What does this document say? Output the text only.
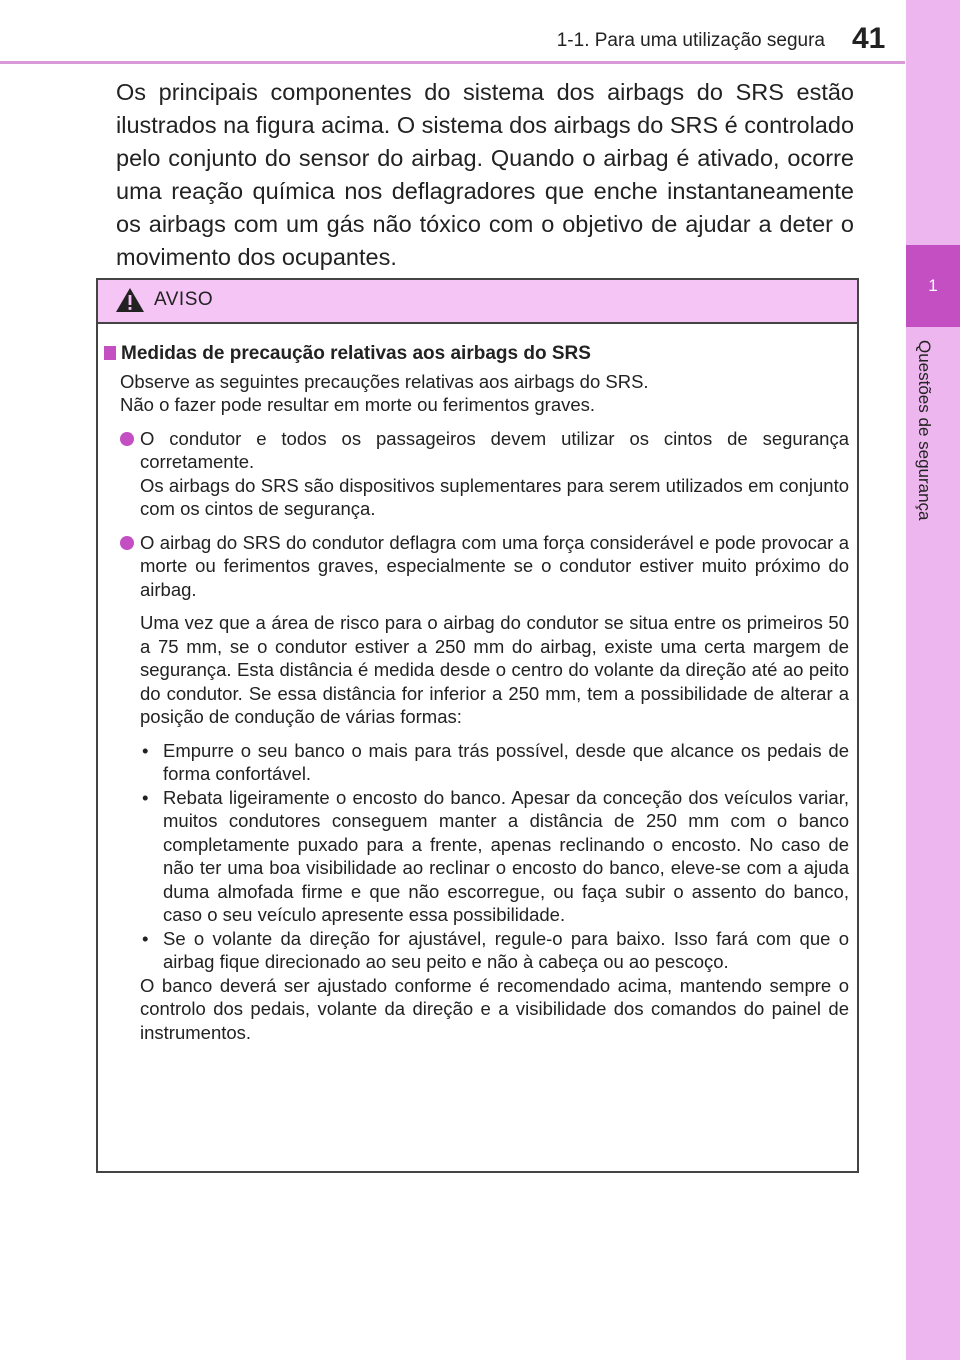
1-1. Para uma utilização segura 41
1
Questões de segurança
Os principais componentes do sistema dos airbags do SRS estão ilustrados na figura acima. O sistema dos airbags do SRS é controlado pelo conjunto do sensor do airbag. Quando o airbag é ativado, ocorre uma reação química nos deflagradores que enche instantaneamente os airbags com um gás não tóxico com o objetivo de ajudar a deter o movimento dos ocupantes.
AVISO
Medidas de precaução relativas aos airbags do SRS

Observe as seguintes precauções relativas aos airbags do SRS.

Não o fazer pode resultar em morte ou ferimentos graves.

O condutor e todos os passageiros devem utilizar os cintos de segurança corretamente.
Os airbags do SRS são dispositivos suplementares para serem utilizados em conjunto com os cintos de segurança.
O airbag do SRS do condutor deflagra com uma força considerável e pode provocar a morte ou ferimentos graves, especialmente se o condutor estiver muito próximo do airbag.
Uma vez que a área de risco para o airbag do condutor se situa entre os primeiros 50 a 75 mm, se o condutor estiver a 250 mm do airbag, existe uma certa margem de segurança. Esta distância é medida desde o centro do volante da direção até ao peito do condutor. Se essa distância for inferior a 250 mm, tem a possibilidade de alterar a posição de condução de várias formas:
• Empurre o seu banco o mais para trás possível, desde que alcance os pedais de forma confortável.
• Rebata ligeiramente o encosto do banco. Apesar da conceção dos veículos variar, muitos condutores conseguem manter a distância de 250 mm com o banco completamente puxado para a frente, apenas reclinando o encosto. No caso de não ter uma boa visibilidade ao reclinar o encosto do banco, eleve-se com a ajuda duma almofada firme e que não escorregue, ou faça subir o assento do banco, caso o seu veículo apresente essa possibilidade.
• Se o volante da direção for ajustável, regule-o para baixo. Isso fará com que o airbag fique direcionado ao seu peito e não à cabeça ou ao pescoço.
O banco deverá ser ajustado conforme é recomendado acima, mantendo sempre o controlo dos pedais, volante da direção e a visibilidade dos comandos do painel de instrumentos.
